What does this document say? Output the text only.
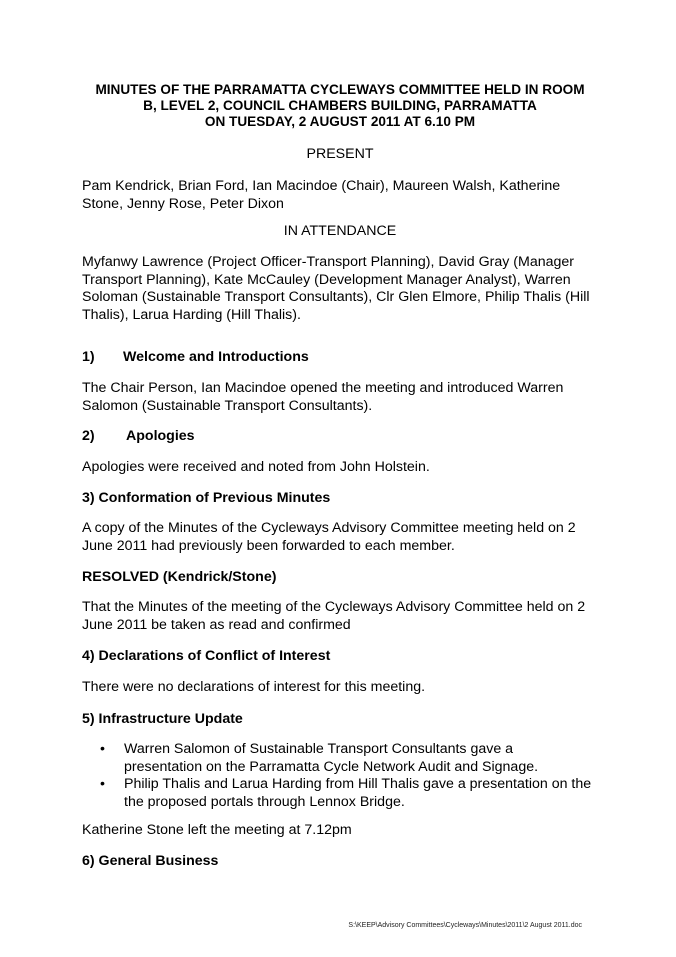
MINUTES OF THE PARRAMATTA CYCLEWAYS COMMITTEE HELD IN ROOM
B, LEVEL 2, COUNCIL CHAMBERS BUILDING, PARRAMATTA
ON TUESDAY, 2 AUGUST 2011 AT 6.10 PM
PRESENT
Pam Kendrick, Brian Ford, Ian Macindoe (Chair), Maureen Walsh, Katherine Stone, Jenny Rose, Peter Dixon
IN ATTENDANCE
Myfanwy Lawrence (Project Officer-Transport Planning), David Gray (Manager Transport Planning), Kate McCauley (Development Manager Analyst), Warren Soloman (Sustainable Transport Consultants), Clr Glen Elmore, Philip Thalis (Hill Thalis), Larua Harding (Hill Thalis).
1) Welcome and Introductions
The Chair Person, Ian Macindoe opened the meeting and introduced Warren Salomon (Sustainable Transport Consultants).
2) Apologies
Apologies were received and noted from John Holstein.
3) Conformation of Previous Minutes
A copy of the Minutes of the Cycleways Advisory Committee meeting held on 2 June 2011 had previously been forwarded to each member.
RESOLVED (Kendrick/Stone)
That the Minutes of the meeting of the Cycleways Advisory Committee held on 2 June 2011 be taken as read and confirmed
4) Declarations of Conflict of Interest
There were no declarations of interest for this meeting.
5) Infrastructure Update
•	Warren Salomon of Sustainable Transport Consultants gave a presentation on the Parramatta Cycle Network Audit and Signage.
•	Philip Thalis and Larua Harding from Hill Thalis gave a presentation on the the proposed portals through Lennox Bridge.
Katherine Stone left the meeting at 7.12pm
6) General Business
S:\KEEP\Advisory Committees\Cycleways\Minutes\2011\2 August 2011.doc
